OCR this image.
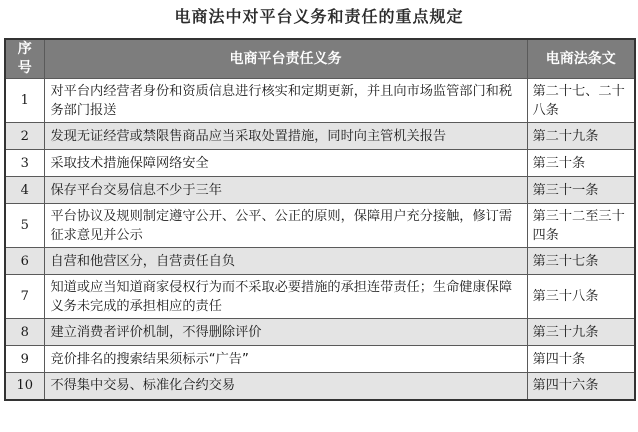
电商法中对平台义务和责任的重点规定
序号	电商平台责任义务	电商法条文
1	对平台内经营者身份和资质信息进行核实和定期更新，并且向市场监管部门和税务部门报送	第二十七、二十八条
2	发现无证经营或禁限售商品应当采取处置措施，同时向主管机关报告	第二十九条
3	采取技术措施保障网络安全	第三十条
4	保存平台交易信息不少于三年	第三十一条
5	平台协议及规则制定遵守公开、公平、公正的原则，保障用户充分接触，修订需征求意见并公示	第三十二至三十四条
6	自营和他营区分，自营责任自负	第三十七条
7	知道或应当知道商家侵权行为而不采取必要措施的承担连带责任；生命健康保障义务未完成的承担相应的责任	第三十八条
8	建立消费者评价机制，不得删除评价	第三十九条
9	竞价排名的搜索结果须标示“广告”	第四十条
10	不得集中交易、标准化合约交易	第四十六条
